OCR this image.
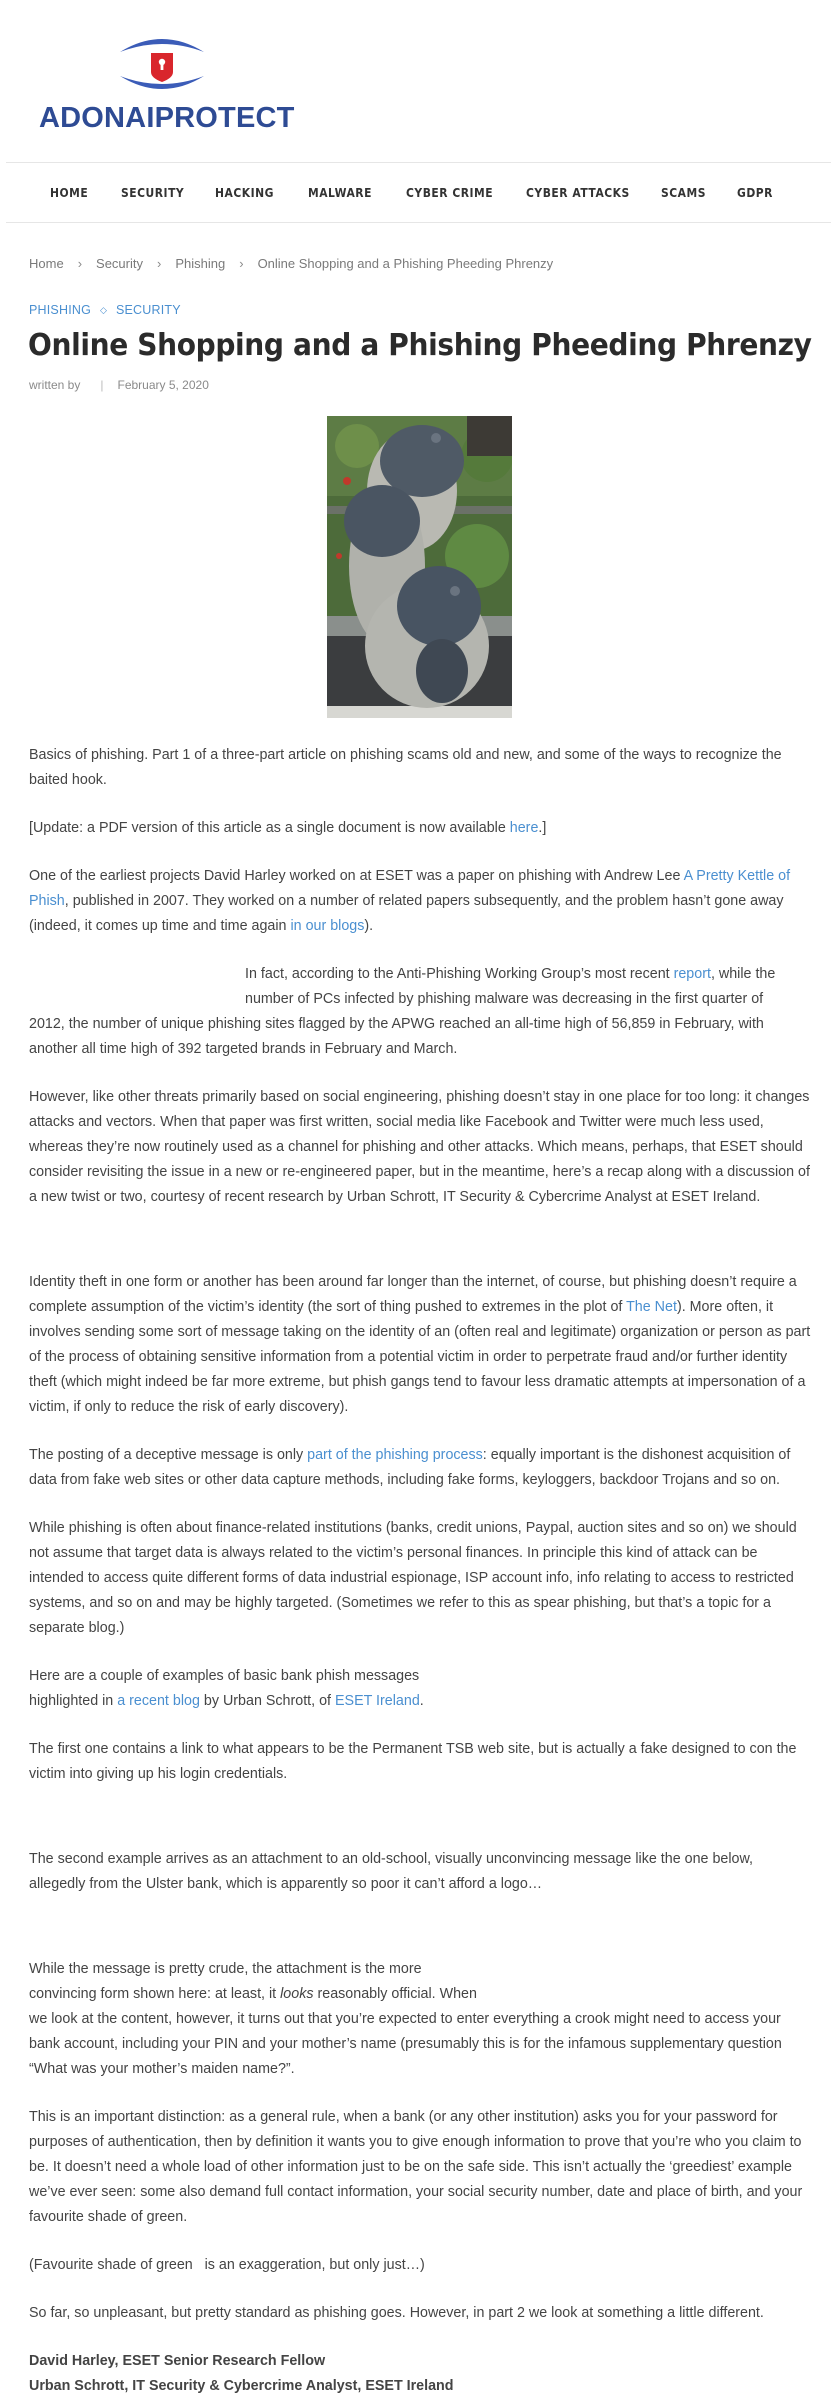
ADONAIPROTECT
HOME	SECURITY HACKING	MALWARE	CYBER CRIME	CYBER ATTACKS SCAMS GDPR
Home › Security › Phishing › Online Shopping and a Phishing Pheeding Phrenzy
PHISHING ◇ SECURITY
Online Shopping and a Phishing Pheeding Phrenzy
written by | February 5, 2020

Basics of phishing. Part 1 of a three-part article on phishing scams old and new, and some of the ways to recognize the baited hook.

[Update: a PDF version of this article as a single document is now available here.]

One of the earliest projects David Harley worked on at ESET was a paper on phishing with Andrew Lee A Pretty Kettle of Phish, published in 2007. They worked on a number of related papers subsequently, and the problem hasn’t gone away (indeed, it comes up time and time again in our blogs).

In fact, according to the Anti-Phishing Working Group’s most recent report, while the
number of PCs infected by phishing malware was decreasing in the first quarter of

2012, the number of unique phishing sites flagged by the APWG reached an all-time high of 56,859 in February, with another all time high of 392 targeted brands in February and March.

However, like other threats primarily based on social engineering, phishing doesn’t stay in one place for too long: it changes attacks and vectors. When that paper was first written, social media like Facebook and Twitter were much less used, whereas they’re now routinely used as a channel for phishing and other attacks. Which means, perhaps, that ESET should consider revisiting the issue in a new or re-engineered paper, but in the meantime, here’s a recap along with a discussion of a new twist or two, courtesy of recent research by Urban Schrott, IT Security & Cybercrime Analyst at ESET Ireland.

Identity theft in one form or another has been around far longer than the internet, of course, but phishing doesn’t require a complete assumption of the victim’s identity (the sort of thing pushed to extremes in the plot of The Net). More often, it involves sending some sort of message taking on the identity of an (often real and legitimate) organization or person as part of the process of obtaining sensitive information from a potential victim in order to perpetrate fraud and/or further identity theft (which might indeed be far more extreme, but phish gangs tend to favour less dramatic attempts at impersonation of a victim, if only to reduce the risk of early discovery).

The posting of a deceptive message is only part of the phishing process: equally important is the dishonest acquisition of data from fake web sites or other data capture methods, including fake forms, keyloggers, backdoor Trojans and so on.

While phishing is often about finance-related institutions (banks, credit unions, Paypal, auction sites and so on) we should not assume that target data is always related to the victim’s personal finances. In principle this kind of attack can be intended to access quite different forms of data industrial espionage, ISP account info, info relating to access to restricted systems, and so on and may be highly targeted. (Sometimes we refer to this as spear phishing, but that’s a topic for a separate blog.)

Here are a couple of examples of basic bank phish messages
highlighted in a recent blog by Urban Schrott, of ESET Ireland.

The first one contains a link to what appears to be the Permanent TSB web site, but is actually a fake designed to con the victim into giving up his login credentials.

The second example arrives as an attachment to an old-school, visually unconvincing message like the one below, allegedly from the Ulster bank, which is apparently so poor it can’t afford a logo…

While the message is pretty crude, the attachment is the more
convincing form shown here: at least, it looks reasonably official. When
we look at the content, however, it turns out that you’re expected to enter everything a crook might need to access your bank account, including your PIN and your mother’s name (presumably this is for the infamous supplementary question “What was your mother’s maiden name?”.

This is an important distinction: as a general rule, when a bank (or any other institution) asks you for your password for purposes of authentication, then by definition it wants you to give enough information to prove that you’re who you claim to be. It doesn’t need a whole load of other information just to be on the safe side. This isn’t actually the ‘greediest’ example we’ve ever seen: some also demand full contact information, your social security number, date and place of birth, and your favourite shade of green.

(Favourite shade of green   is an exaggeration, but only just…)

So far, so unpleasant, but pretty standard as phishing goes. However, in part 2 we look at something a little different.

David Harley, ESET Senior Research Fellow

Urban Schrott, IT Security & Cybercrime Analyst, ESET Ireland
